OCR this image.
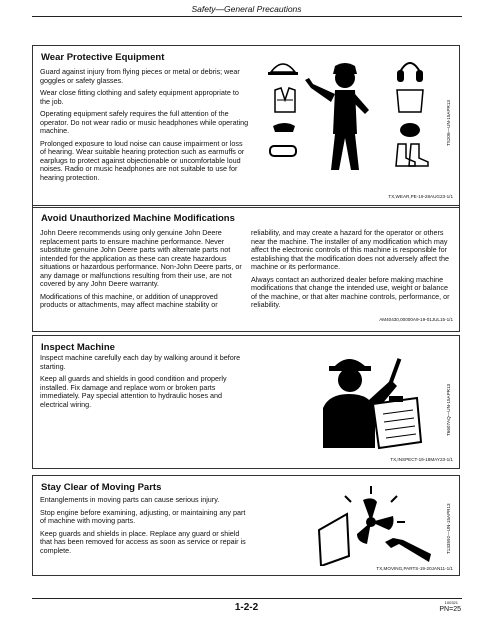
Safety—General Precautions
Wear Protective Equipment

Guard against injury from flying pieces or metal or debris; wear goggles or safety glasses.

Wear close fitting clothing and safety equipment appropriate to the job.

Operating equipment safely requires the full attention of the operator. Do not wear radio or music headphones while operating machine.

Prolonged exposure to loud noise can cause impairment or loss of hearing. Wear suitable hearing protection such as earmuffs or earplugs to protect against objectionable or uncomfortable loud noises. Radio or music headphones are not suitable to use for hearing protection.

TS206—UN‐15APR13
TX,WEAR,PE-19-28AUG23-1/1
Avoid Unauthorized Machine Modifications

John Deere recommends using only genuine John Deere replacement parts to ensure machine performance. Never substitute genuine John Deere parts with alternate parts not intended for the application as these can create hazardous situations or hazardous performance. Non-John Deere parts, or any damage or malfunctions resulting from their use, are not covered by any John Deere warranty.

Modifications of this machine, or addition of unapproved products or attachments, may affect machine stability or

reliability, and may create a hazard for the operator or others near the machine. The installer of any modification which may affect the electronic controls of this machine is responsible for establishing that the modification does not adversely affect the machine or its performance.

Always contact an authorized dealer before making machine modifications that change the intended use, weight or balance of the machine, or that alter machine controls, performance, or reliability.

AM40430,00000A9-19-01JUL15-1/1
Inspect Machine

Inspect machine carefully each day by walking around it before starting.

Keep all guards and shields in good condition and properly installed. Fix damage and replace worn or broken parts immediately. Pay special attention to hydraulic hoses and electrical wiring.	T6607AQ—UN‐15APR13
TX,INSPECT-19-18MAY23-1/1
Stay Clear of Moving Parts

Entanglements in moving parts can cause serious injury.

Stop engine before examining, adjusting, or maintaining any part of machine with moving parts.

Keep guards and shields in place. Replace any guard or shield that has been removed for access as soon as service or repair is complete.	T133592—UN‐15APR13
TX,MOVING,PARTS-19-20JAN11-1/1
1-2-2	100321
PN=25
